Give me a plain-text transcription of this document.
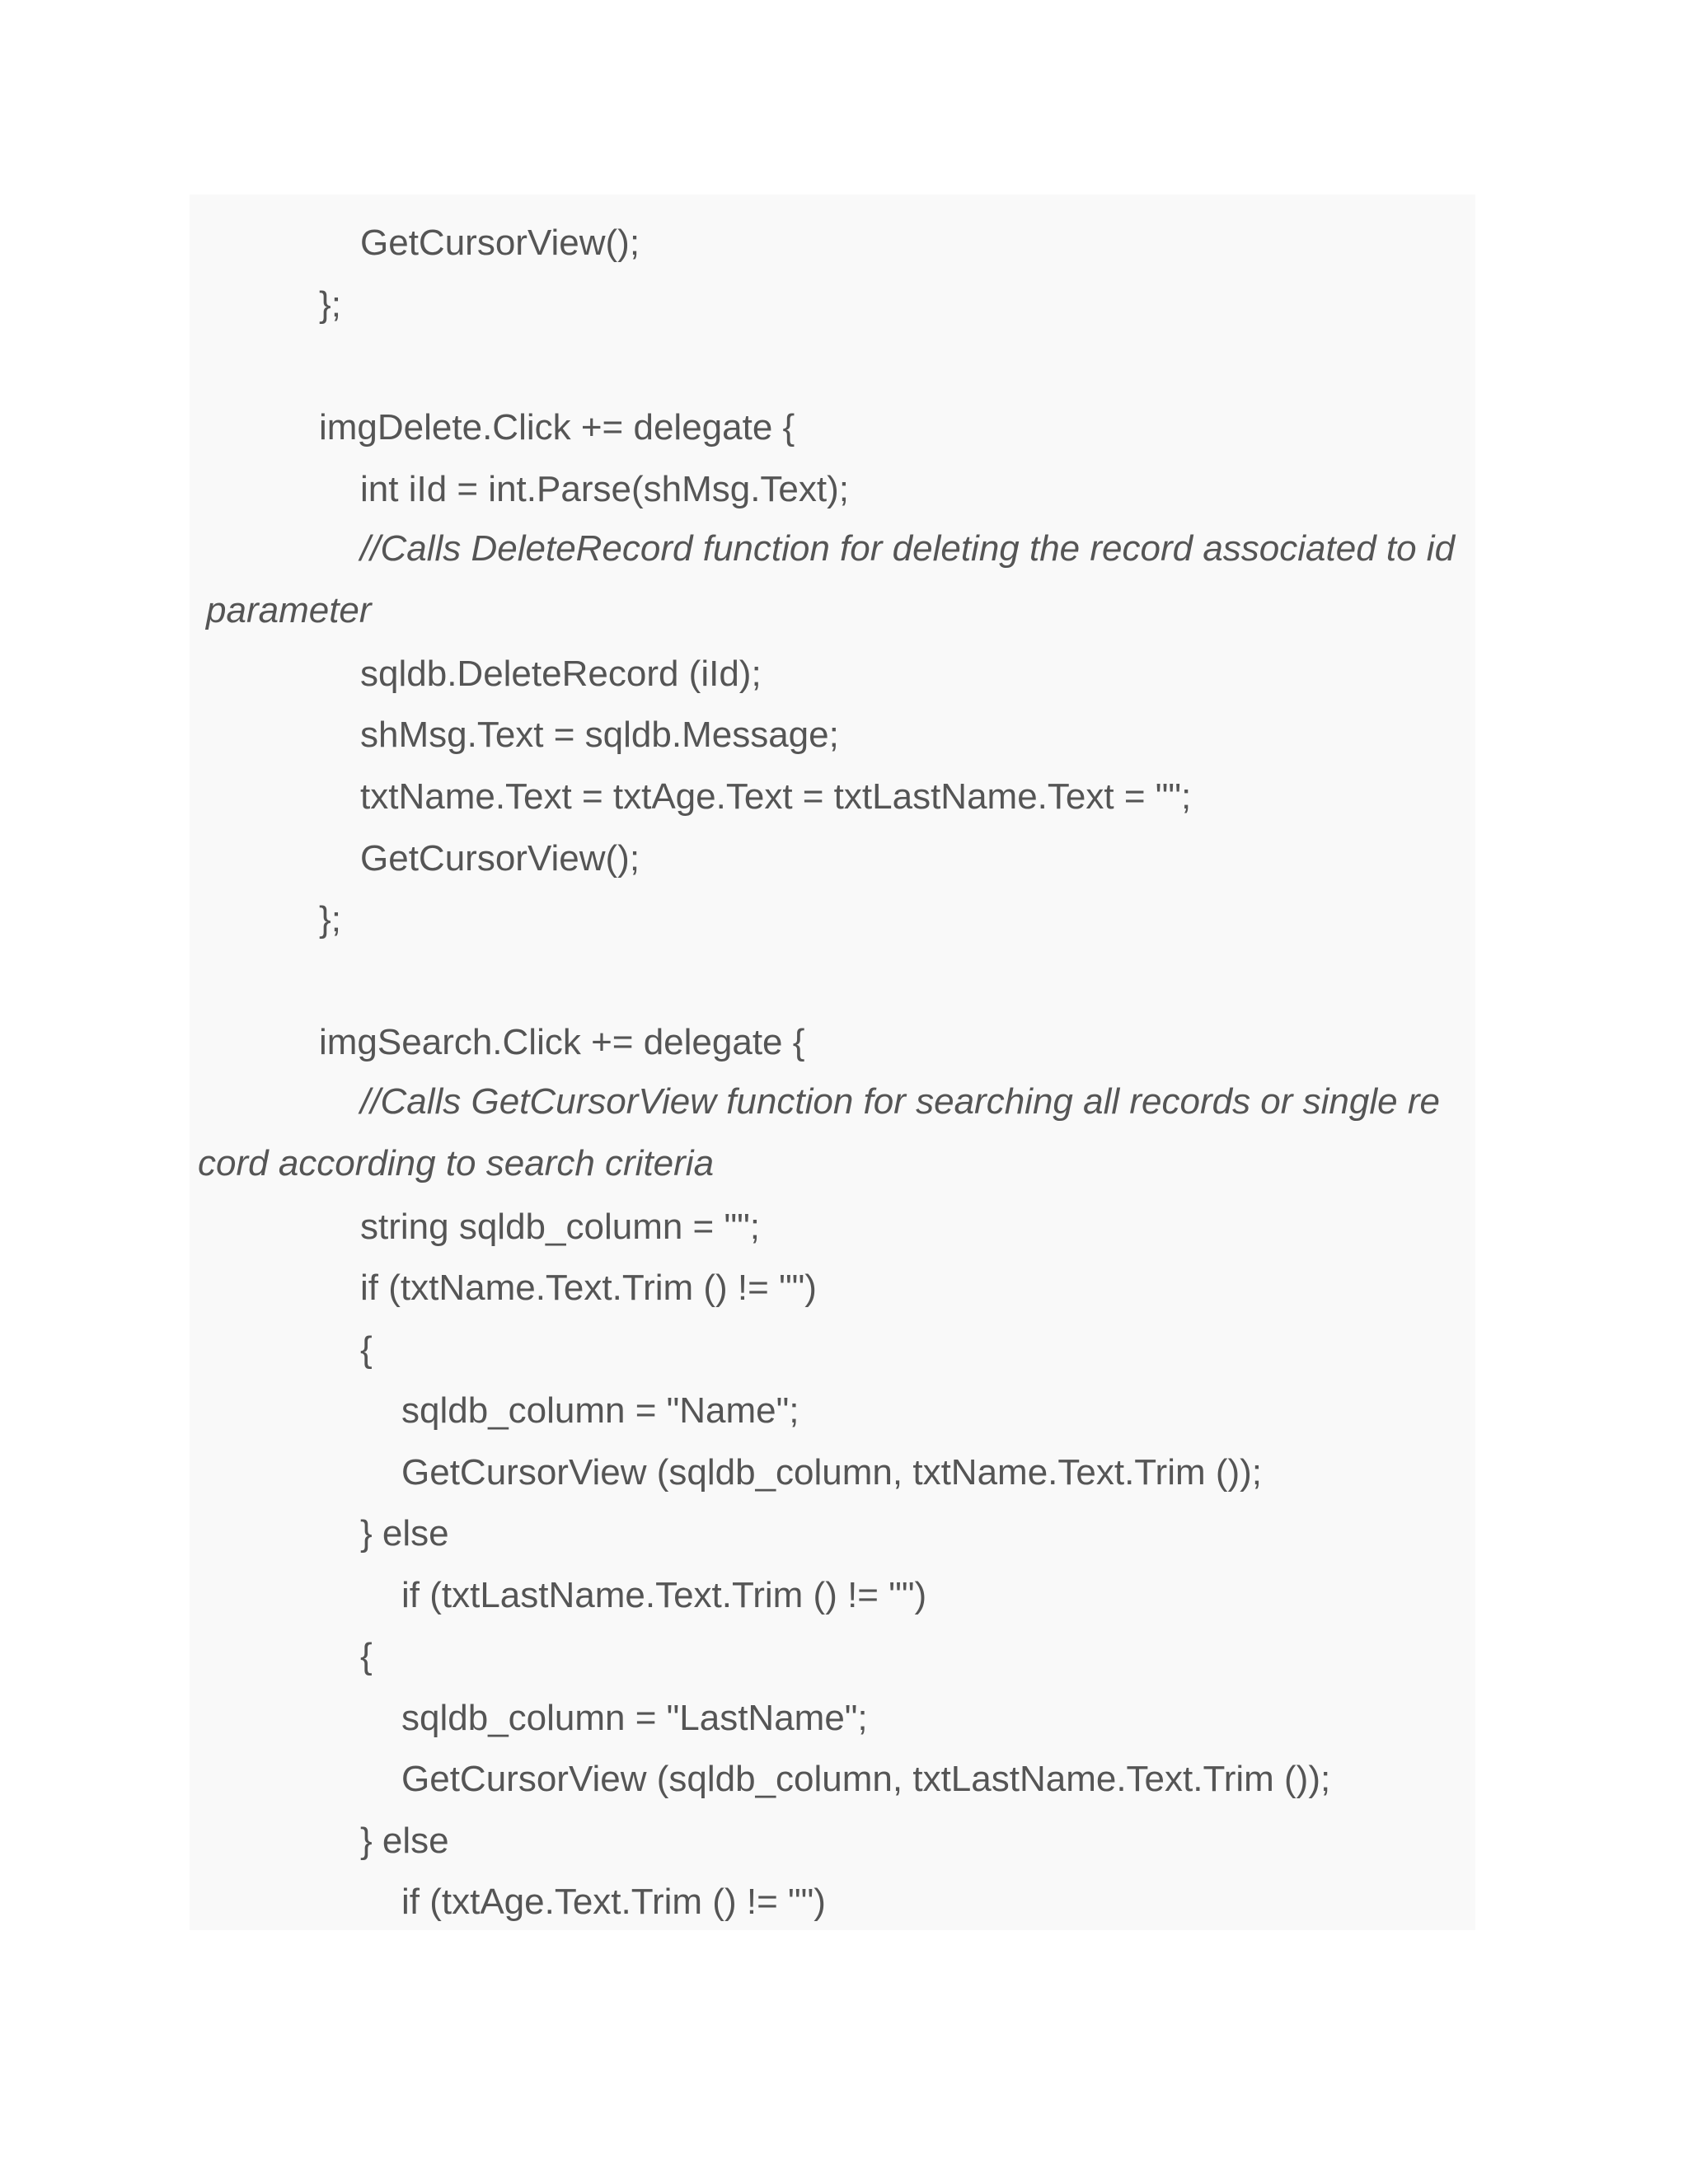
GetCursorView();
};
imgDelete.Click += delegate {
int iId = int.Parse(shMsg.Text);
//Calls DeleteRecord function for deleting the record associated to id
parameter
sqldb.DeleteRecord (iId);
shMsg.Text = sqldb.Message;
txtName.Text = txtAge.Text = txtLastName.Text = "";
GetCursorView();
};
imgSearch.Click += delegate {
//Calls GetCursorView function for searching all records or single re
cord according to search criteria
string sqldb_column = "";
if (txtName.Text.Trim () != "")
{
sqldb_column = "Name";
GetCursorView (sqldb_column, txtName.Text.Trim ());
} else
if (txtLastName.Text.Trim () != "")
{
sqldb_column = "LastName";
GetCursorView (sqldb_column, txtLastName.Text.Trim ());
} else
if (txtAge.Text.Trim () != "")
